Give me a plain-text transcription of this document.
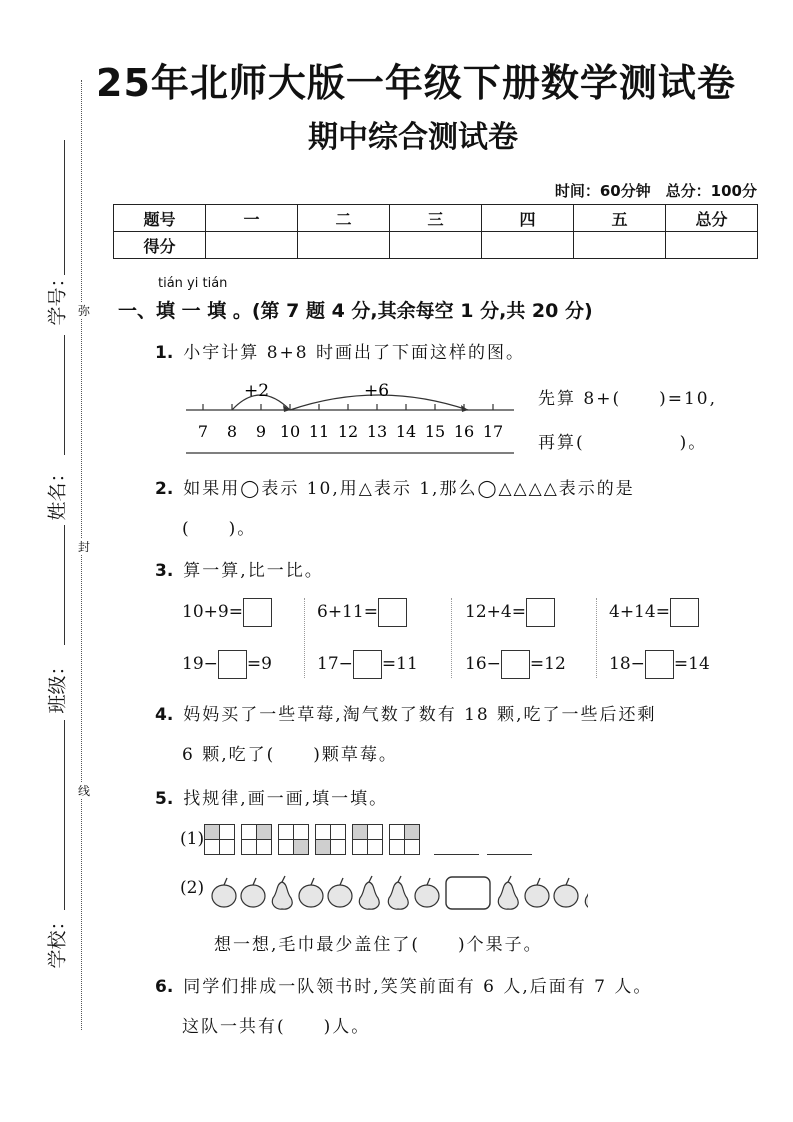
学号：
姓名：
班级：
学校：
弥
封
线
25年北师大版一年级下册数学测试卷
期中综合测试卷
时间：60分钟　总分：100分
题号	一	二	三	四	五	总分
得分						
tián yi tián
一、填 一 填 。(第 7 题 4 分,其余每空 1 分,共 20 分)
1. 小宇计算 8+8 时画出了下面这样的图。
7 8 9 10 11 12 13 14 15 16 17
+2	+6	先算 8+(　　)=10,
再算(　　　　　)。
2. 如果用◯表示 10,用△表示 1,那么◯△△△△表示的是
(　　)。
3. 算一算,比一比。
10+9=	6+11=	12+4=	4+14=
19− =9	17− =11	16− =12	18− =14
4. 妈妈买了一些草莓,淘气数了数有 18 颗,吃了一些后还剩
6 颗,吃了(　　)颗草莓。
5. 找规律,画一画,填一填。
(1)
(2)
想一想,毛巾最少盖住了(　　)个果子。
6. 同学们排成一队领书时,笑笑前面有 6 人,后面有 7 人。
这队一共有(　　)人。
